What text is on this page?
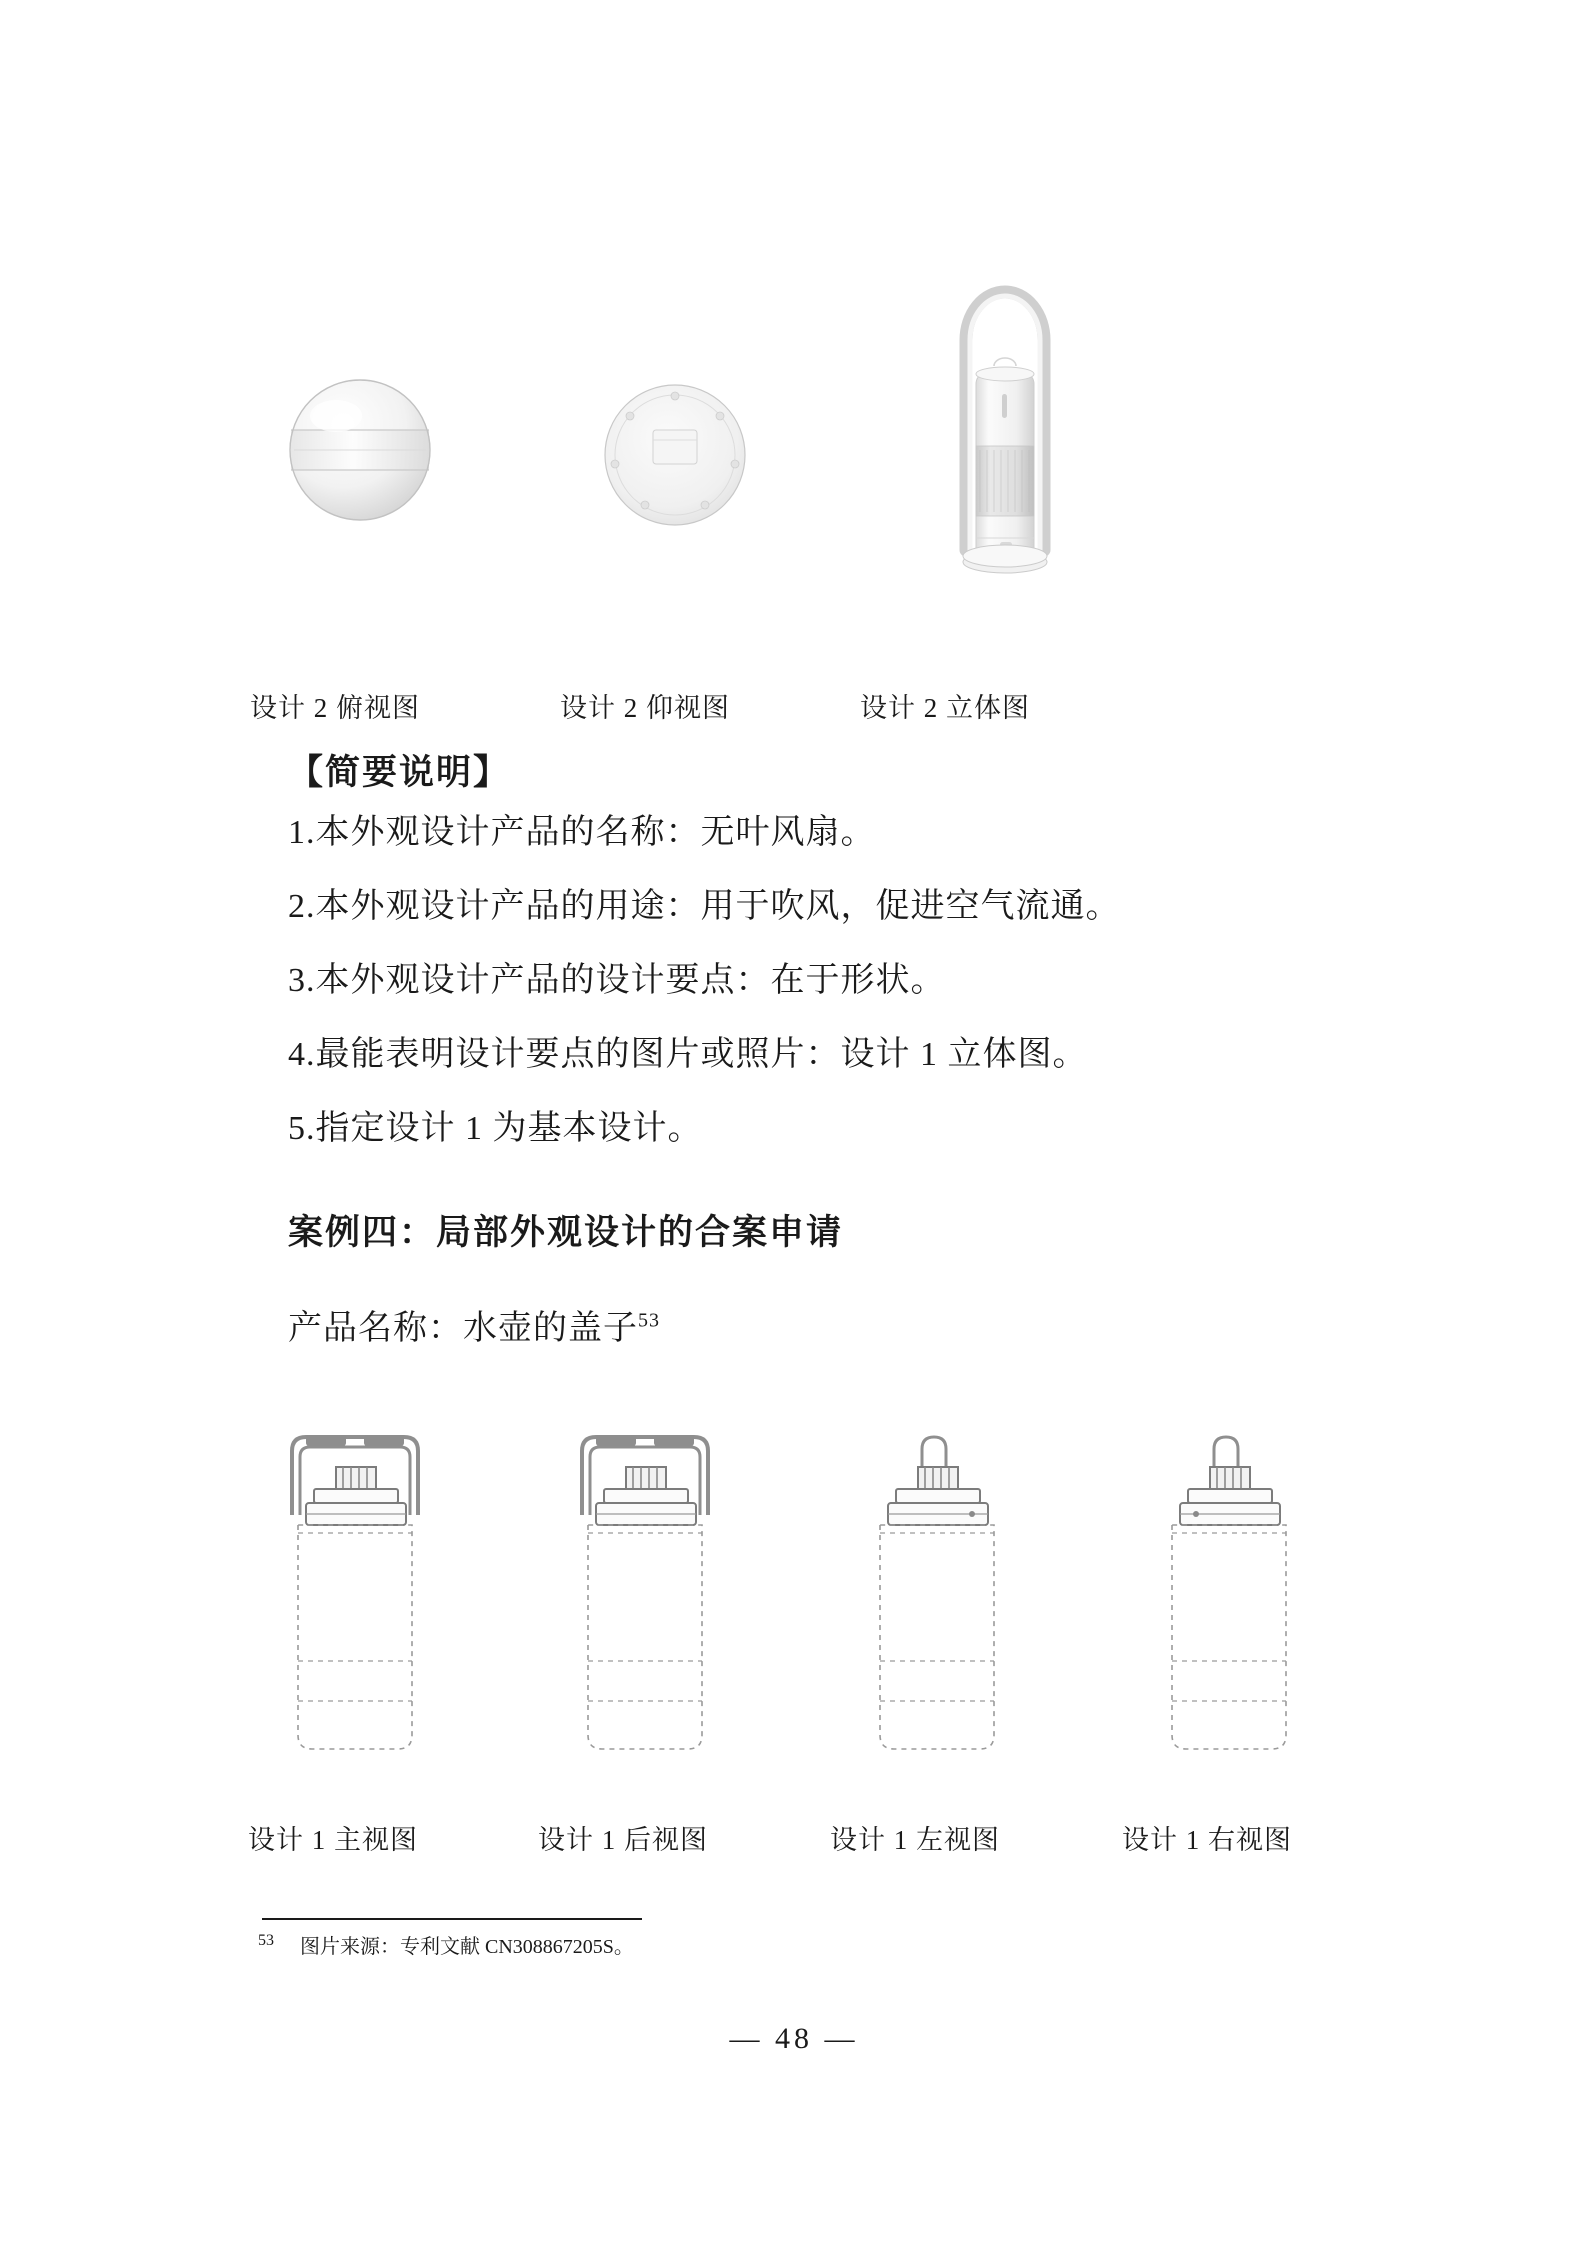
设计 2 俯视图	设计 2 仰视图	设计 2 立体图
【简要说明】
1.本外观设计产品的名称：无叶风扇。
2.本外观设计产品的用途：用于吹风，促进空气流通。
3.本外观设计产品的设计要点：在于形状。
4.最能表明设计要点的图片或照片：设计 1 立体图。
5.指定设计 1 为基本设计。
案例四：局部外观设计的合案申请
产品名称：水壶的盖子$^{53}$
设计 1 主视图	设计 1 后视图	设计 1 左视图	设计 1 右视图
$^{53}$ 图片来源：专利文献 CN308867205S。
— 48 —
